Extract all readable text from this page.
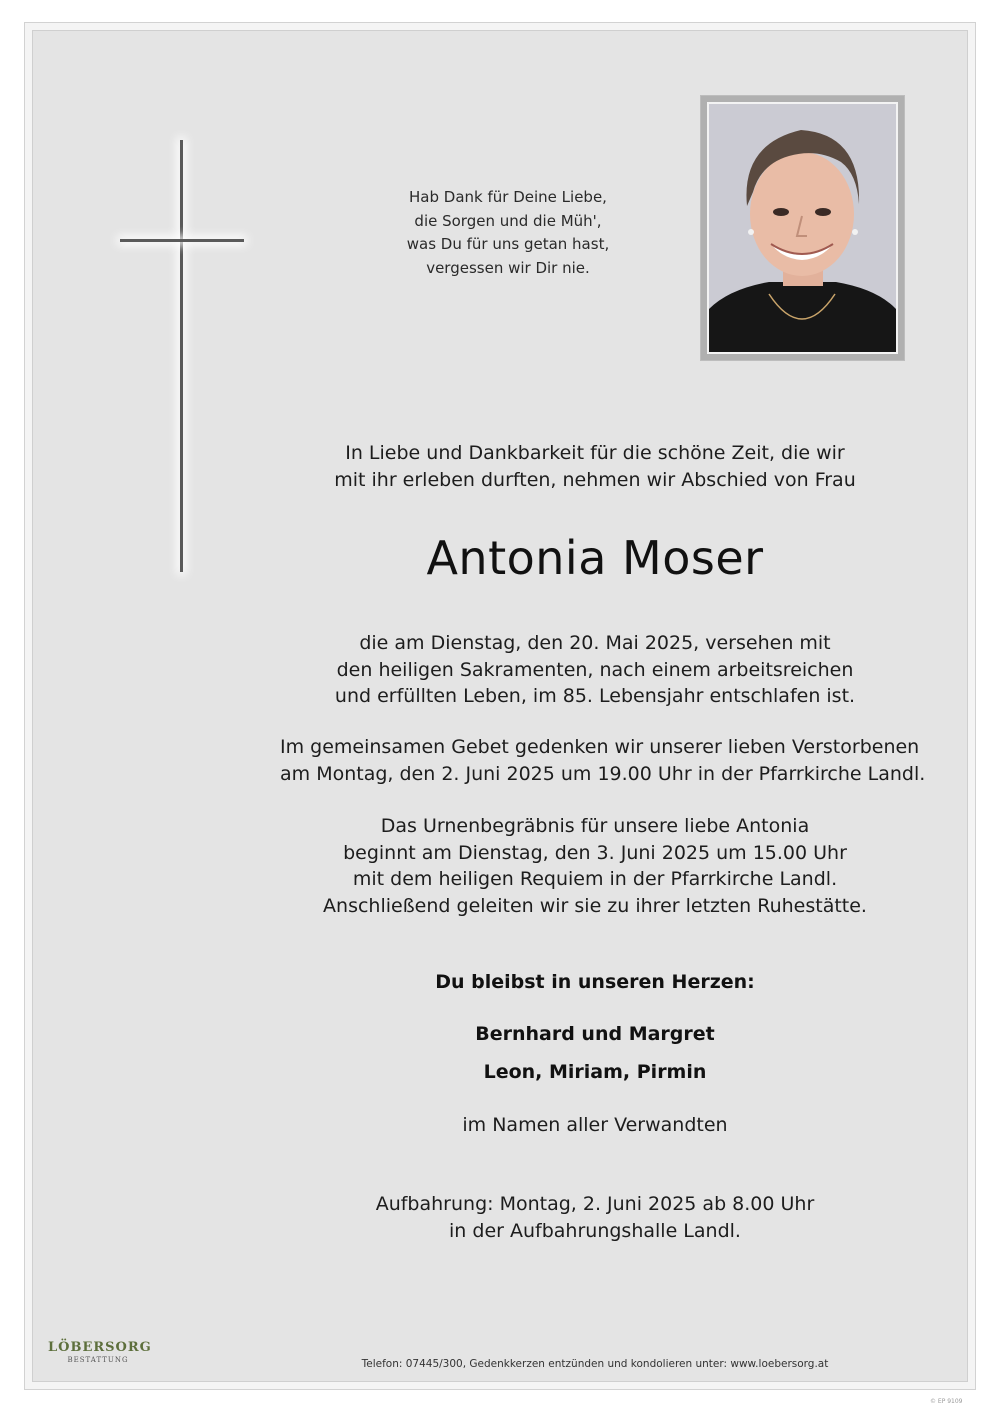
Hab Dank für Deine Liebe,
die Sorgen und die Müh',
was Du für uns getan hast,
vergessen wir Dir nie.
In Liebe und Dankbarkeit für die schöne Zeit, die wir
mit ihr erleben durften, nehmen wir Abschied von Frau
Antonia Moser
die am Dienstag, den 20. Mai 2025, versehen mit
den heiligen Sakramenten, nach einem arbeitsreichen
und erfüllten Leben, im 85. Lebensjahr entschlafen ist.
Im gemeinsamen Gebet gedenken wir unserer lieben Verstorbenen
am Montag, den 2. Juni 2025 um 19.00 Uhr in der Pfarrkirche Landl.
Das Urnenbegräbnis für unsere liebe Antonia
beginnt am Dienstag, den 3. Juni 2025 um 15.00 Uhr
mit dem heiligen Requiem in der Pfarrkirche Landl.
Anschließend geleiten wir sie zu ihrer letzten Ruhestätte.
Du bleibst in unseren Herzen:
Bernhard und Margret
Leon, Miriam, Pirmin
im Namen aller Verwandten
Aufbahrung: Montag, 2. Juni 2025 ab 8.00 Uhr
in der Aufbahrungshalle Landl.
LÖBERSORG
BESTATTUNG	Telefon: 07445/300, Gedenkkerzen entzünden und kondolieren unter: www.loebersorg.at
© EP 9109
